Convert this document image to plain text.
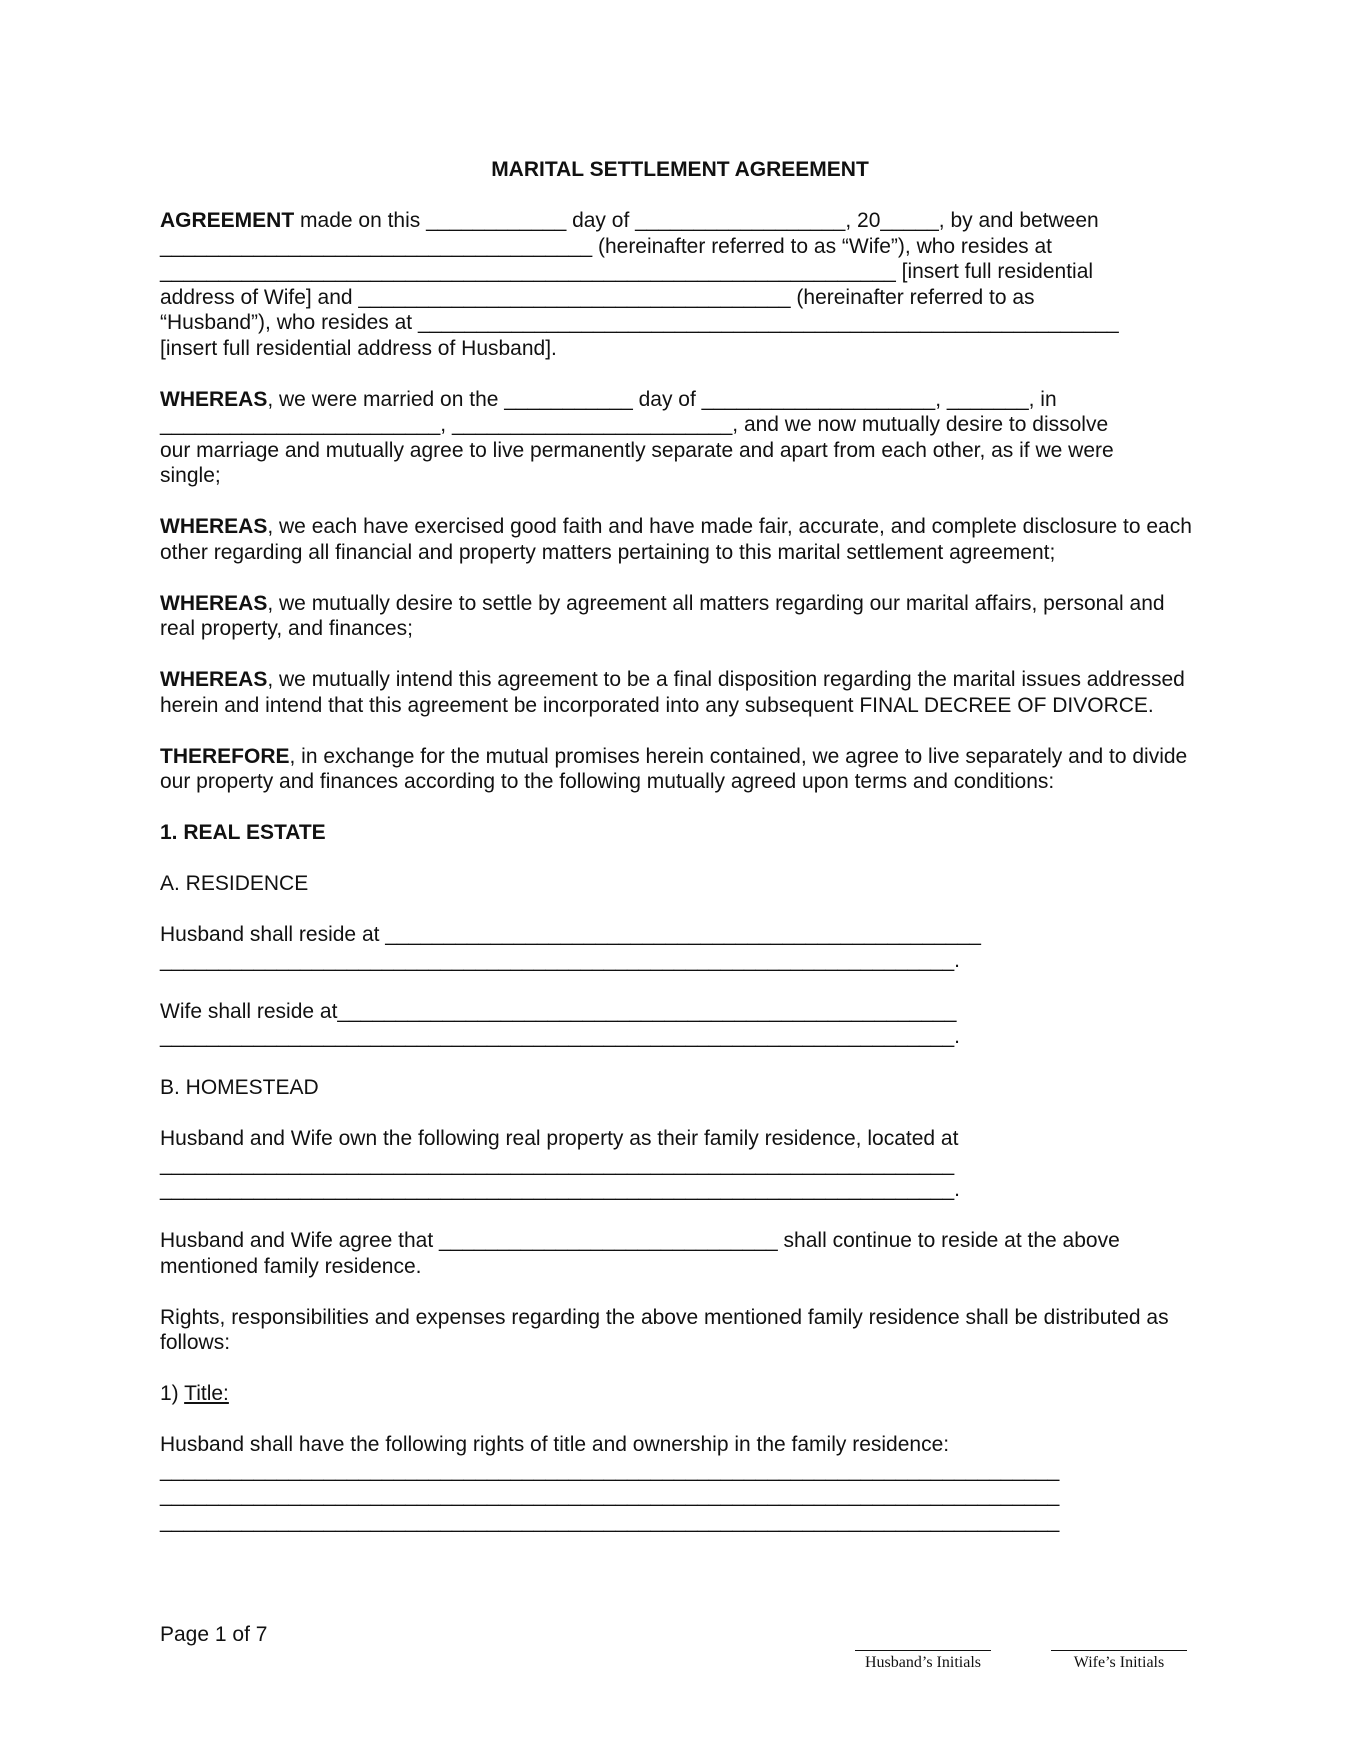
MARITAL SETTLEMENT AGREEMENT

AGREEMENT made on this ____________ day of __________________, 20_____, by and between
_____________________________________ (hereinafter referred to as “Wife”), who resides at
_______________________________________________________________ [insert full residential
address of Wife] and _____________________________________ (hereinafter referred to as
“Husband”), who resides at ____________________________________________________________
[insert full residential address of Husband].

WHEREAS, we were married on the ___________ day of ____________________, _______, in
________________________, ________________________, and we now mutually desire to dissolve
our marriage and mutually agree to live permanently separate and apart from each other, as if we were
single;

WHEREAS, we each have exercised good faith and have made fair, accurate, and complete disclosure to each other regarding all financial and property matters pertaining to this marital settlement agreement;

WHEREAS, we mutually desire to settle by agreement all matters regarding our marital affairs, personal and real property, and finances;

WHEREAS, we mutually intend this agreement to be a final disposition regarding the marital issues addressed herein and intend that this agreement be incorporated into any subsequent FINAL DECREE OF DIVORCE.

THEREFORE, in exchange for the mutual promises herein contained, we agree to live separately and to divide our property and finances according to the following mutually agreed upon terms and conditions:

1. REAL ESTATE

A. RESIDENCE

Husband shall reside at ___________________________________________________
____________________________________________________________________.

Wife shall reside at_____________________________________________________
____________________________________________________________________.

B. HOMESTEAD

Husband and Wife own the following real property as their family residence, located at
____________________________________________________________________
____________________________________________________________________.

Husband and Wife agree that _____________________________ shall continue to reside at the above
mentioned family residence.

Rights, responsibilities and expenses regarding the above mentioned family residence shall be distributed as follows:

1) Title:

Husband shall have the following rights of title and ownership in the family residence:
_____________________________________________________________________________
_____________________________________________________________________________
_____________________________________________________________________________

Page 1 of 7
Husband’s Initials	Wife’s Initials
